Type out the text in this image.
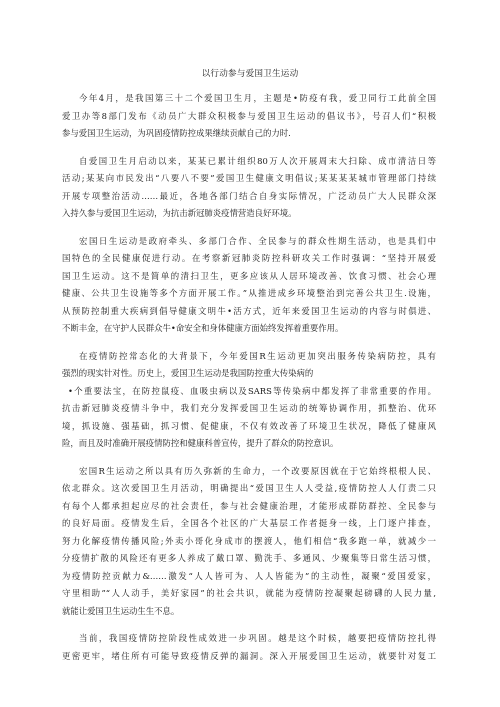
以行动参与爱国卫生运动
今年4月，是我国第三十二个爱国卫生月，主题是•防疫有我，爱卫同行工此前全国
爱卫办等8部门发布《动员广大群众积极参与爱国卫生运动的倡议书》，号召人们“积极
参与爱国卫生运动，为巩固疫情防控成果继续贡献自己的力时.
自爱国卫生月启动以来，某某已累计组织80万人次开展周末大扫除、成市清洁日等
活动;某某向市民发出“八要八不要”爱国卫生健康文明倡议;某某某某城市管理部门持续
开展专项整治活动……最近，各地各部门结合自身实际情况，广泛动员广大人民群众深
入持久参与爱国卫生运动，为抗击新冠肺炎疫情营造良好环境。
宏国日生运动是政府牵头、多部门合作、全民参与的群众性期生活动，也是具们中
国特色的全民健康促进行动。在考察新冠肺炎防控科研攻关工作时强调：“坚持开展爱
国卫生运动。这不是简单的清扫卫生，更多应该从人居环境改善、饮食习惯、社会心理
健康、公共卫生设施等多个方面开展工作。”从推进成乡环境整治到完善公共卫生.设施，
从预防控制重大疾病到倡导健康文明牛•活方式，近年来爱国卫生运动的内容与时俱进、
不断丰金，在守护人民群众牛•命安全和身体健康方面始终发挥着重要作用。
在疫情防控常态化的大背景下，今年爱国R生运动更加突出服务传染病防控，具有
强烈的现实针对性。历史上，爱国卫生运动是我国防控重大传染病的
•个重要法宝，在防控鼠疫、血吸虫病以及SARS等传染病中都发挥了非常重要的作用。
抗击新冠肺炎疫情斗争中，我们充分发挥爱国卫生运动的统筹协调作用，抓整治、优环
境，抓设施、强基础，抓习惯、促健康，不仅有效改善了环境卫生状况，降低了健康风
险，而且及时准确开展疫情防控和健康科普宣传，提升了群众的防控意识。
宏国R生运动之所以具有历久弥新的生命力，一个改要原因就在于它始终根根人民、
依北群众。这次爱国卫生月活动，明确提出“爱国卫生人人受益,疫情防控人人仃责二只
有每个人都承担起应尽的社会责任，参与社会健康治理，才能形成群防群控、全民参与
的良好局面。疫情发生后，全国各个社区的广大基层工作者挺身一线，上门逐户排查，
努力化解疫情传播风险;外卖小哥化身成市的摆渡人，他们相信“我多跑一单，就减少一
分疫情扩散的风险还有更多人养成了戴口罩、勤洗手、多通风、少聚集等日常生活习惯，
为疫情防控贡献力&……激发“人人皆可为、人人皆能为”的主动性，凝聚“爱国爱家，
守里相助”“人人动手，美好家园”的社会共识，就能为疫情防控凝聚起磅礴的人民力量,
就能让爱国卫生运动生生不息。
当前，我国疫情防控阶段性成效进一步巩固。越是这个时候，越要把疫情防控扎得
更密更牢，堵住所有可能导致疫情反弹的漏洞。深入开展爱国卫生运动，就要针对复工
